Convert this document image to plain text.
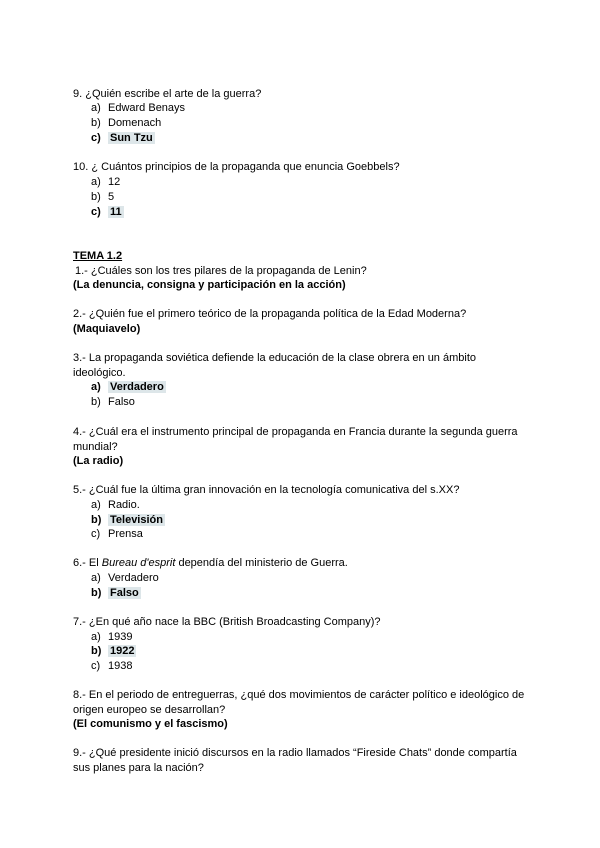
9. ¿Quién escribe el arte de la guerra?
a) Edward Benays
b) Domenach
c) Sun Tzu
10. ¿ Cuántos principios de la propaganda que enuncia Goebbels?
a) 12
b) 5
c) 11
TEMA 1.2
1.- ¿Cuáles son los tres pilares de la propaganda de Lenin?
(La denuncia, consigna y participación en la acción)
2.- ¿Quién fue el primero teórico de la propaganda política de la Edad Moderna?
(Maquiavelo)
3.- La propaganda soviética defiende la educación de la clase obrera en un ámbito
ideológico.
a) Verdadero
b) Falso
4.- ¿Cuál era el instrumento principal de propaganda en Francia durante la segunda guerra
mundial?
(La radio)
5.- ¿Cuál fue la última gran innovación en la tecnología comunicativa del s.XX?
a) Radio.
b) Televisión
c) Prensa
6.- El Bureau d'esprit dependía del ministerio de Guerra.
a) Verdadero
b) Falso
7.- ¿En qué año nace la BBC (British Broadcasting Company)?
a) 1939
b) 1922
c) 1938
8.- En el periodo de entreguerras, ¿qué dos movimientos de carácter político e ideológico de
origen europeo se desarrollan?
(El comunismo y el fascismo)
9.- ¿Qué presidente inició discursos en la radio llamados “Fireside Chats” donde compartía
sus planes para la nación?
